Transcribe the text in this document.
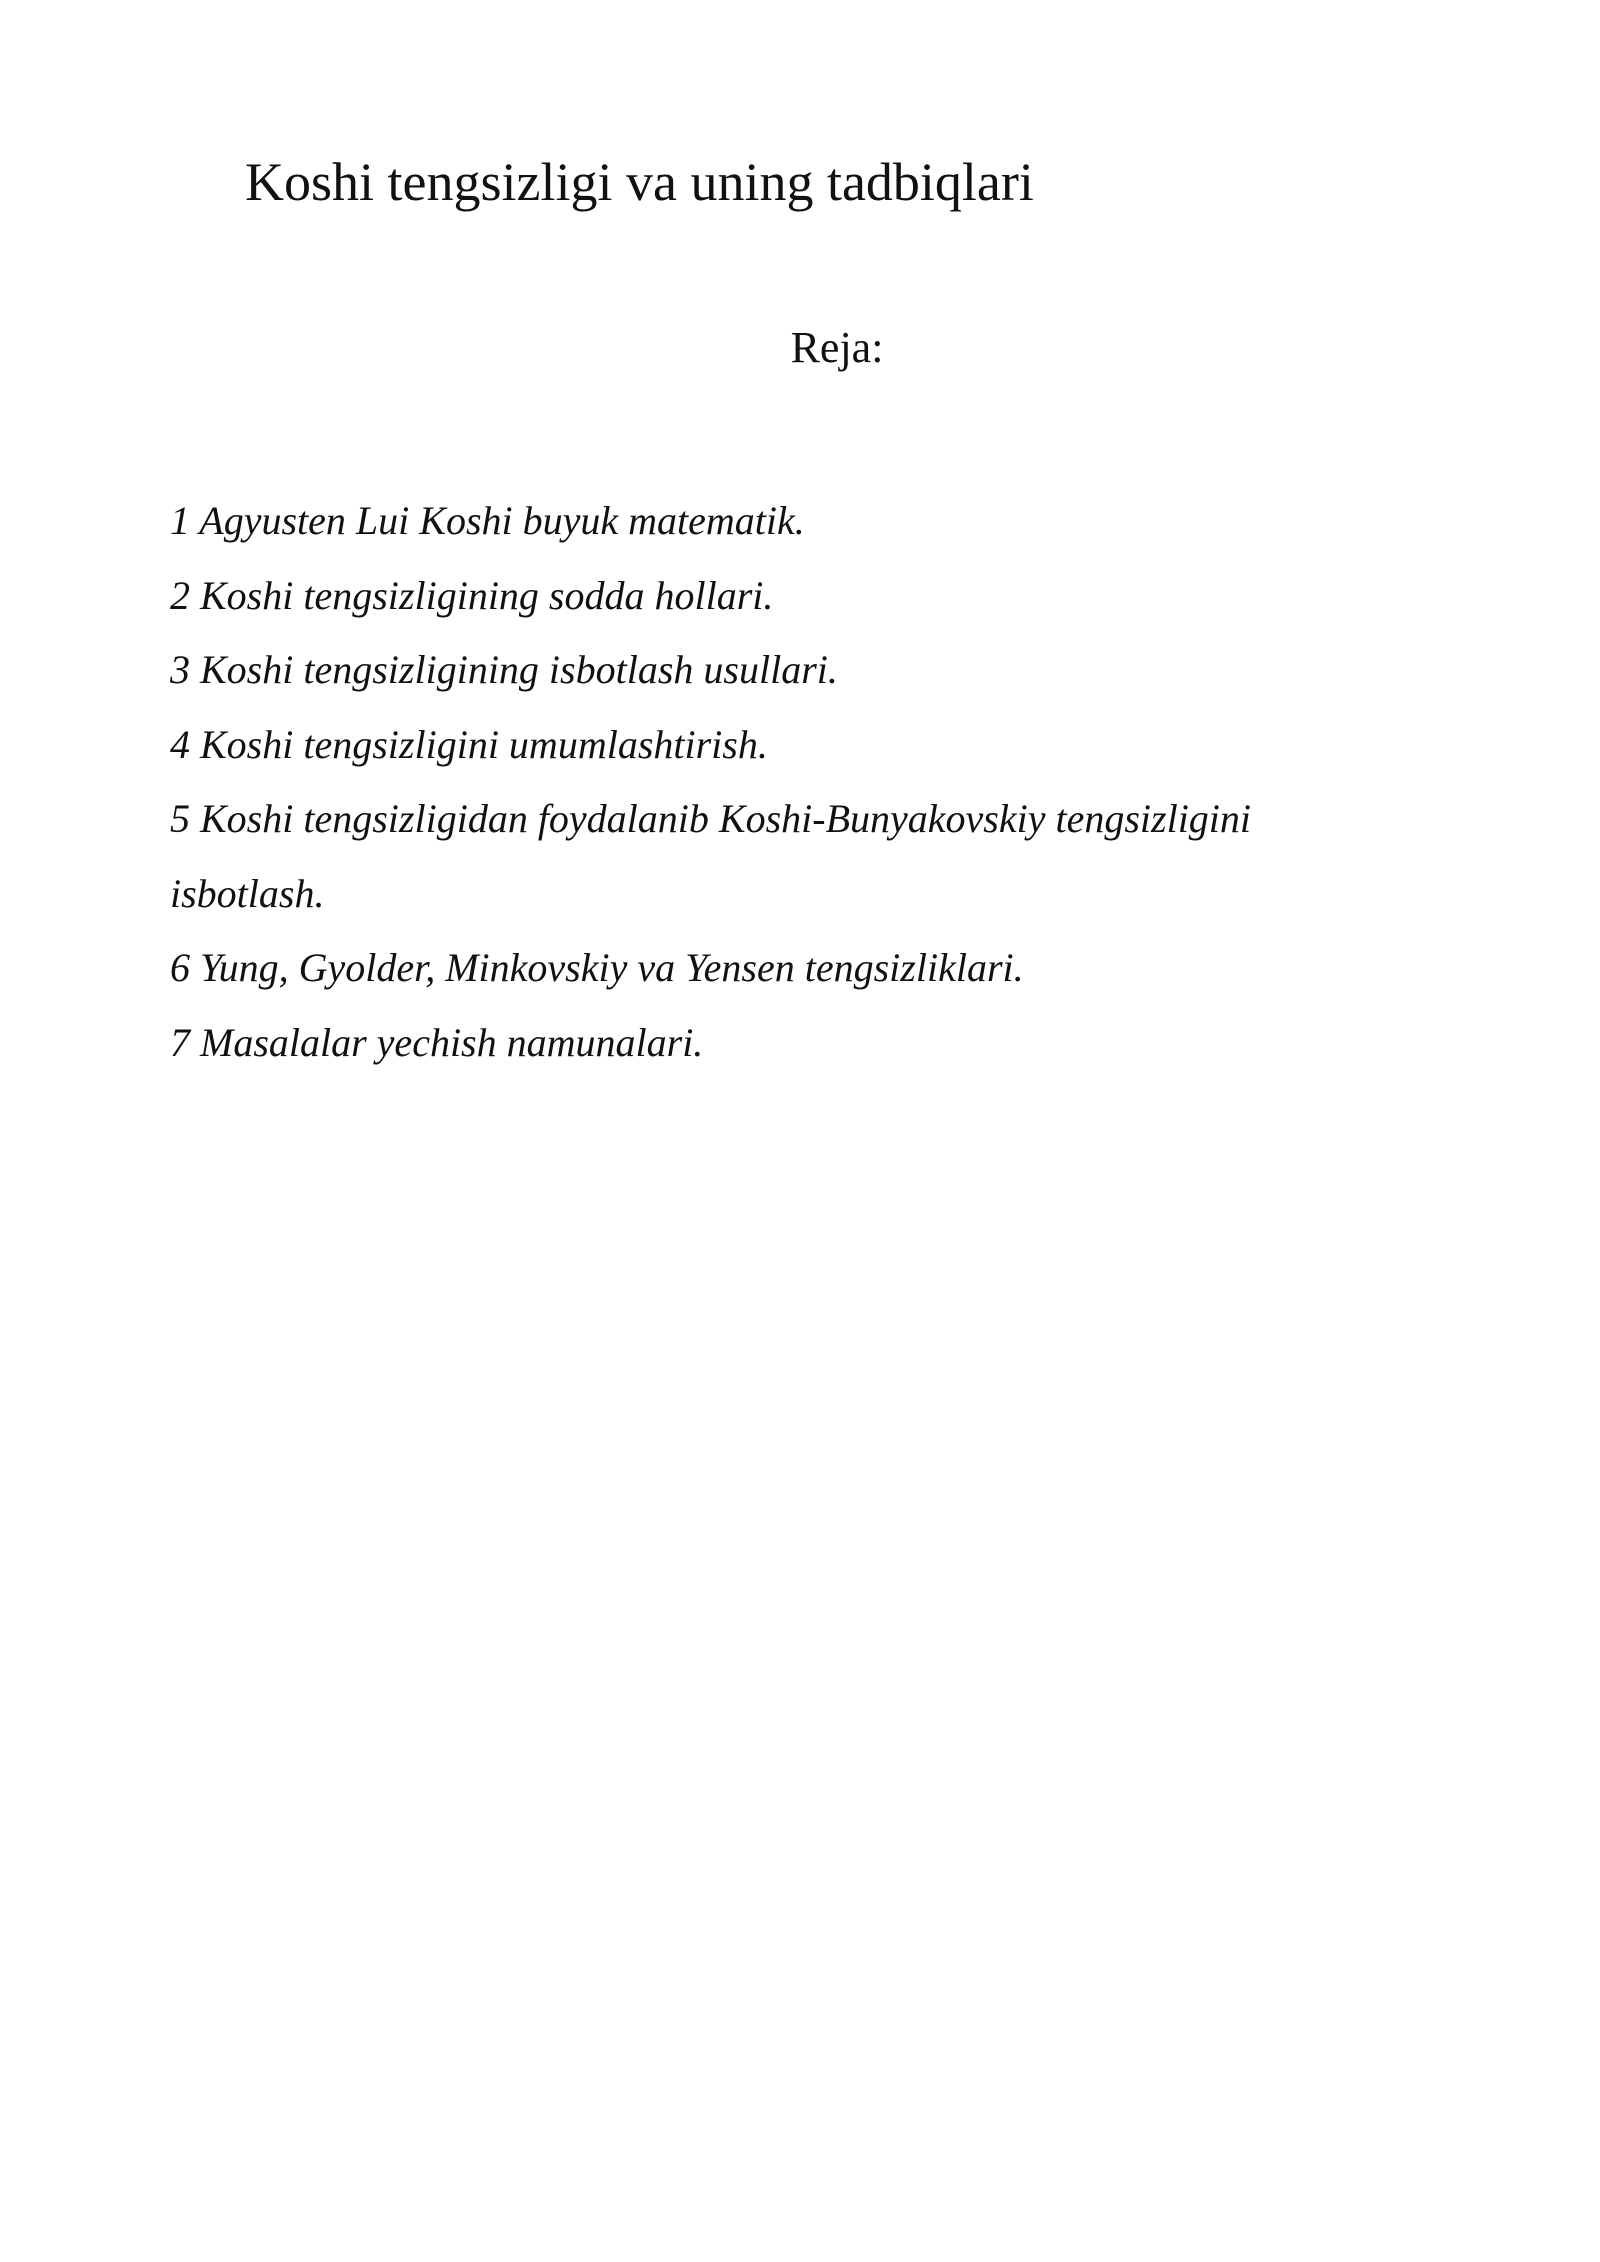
Koshi tengsizligi va uning tadbiqlari
Reja:
1 Agyusten Lui Koshi buyuk matematik.
2 Koshi tengsizligining sodda hollari.
3 Koshi tengsizligining isbotlash usullari.
4 Koshi tengsizligini umumlashtirish.
5 Koshi tengsizligidan foydalanib Koshi-Bunyakovskiy tengsizligini isbotlash.
6 Yung, Gyolder, Minkovskiy va Yensen tengsizliklari.
7 Masalalar yechish namunalari.
